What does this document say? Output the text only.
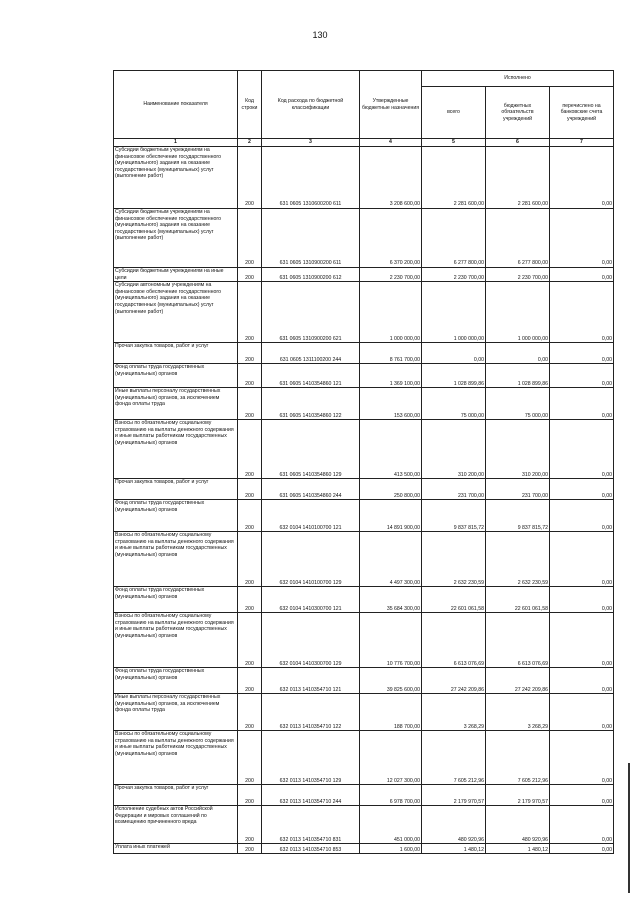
130
Наименование показателя	Код строки	Код расхода по бюджетной классификации	Утвержденные бюджетные назначения	Исполнено		
				всего	бюджетных обязательств учреждений	перечислено на банковские счета учреждений
1	2	3	4	5	6	7
Субсидии бюджетным учреждениям на финансовое обеспечение государственного (муниципального) задания на оказание государственных (муниципальных) услуг (выполнение работ)	200	631 0605 1310600200 611	3 208 600,00	2 281 600,00	2 281 600,00	0,00
Субсидии бюджетным учреждениям на финансовое обеспечение государственного (муниципального) задания на оказание государственных (муниципальных) услуг (выполнение работ)	200	631 0605 1310900200 611	6 370 200,00	6 277 800,00	6 277 800,00	0,00
Субсидии бюджетным учреждениям на иные цели	200	631 0605 1310900200 612	2 230 700,00	2 230 700,00	2 230 700,00	0,00
Субсидии автономным учреждениям на финансовое обеспечение государственного (муниципального) задания на оказание государственных (муниципальных) услуг (выполнение работ)	200	631 0605 1310900200 621	1 000 000,00	1 000 000,00	1 000 000,00	0,00
Прочая закупка товаров, работ и услуг	200	631 0605 1311100200 244	8 761 700,00	0,00	0,00	0,00
Фонд оплаты труда государственных (муниципальных) органов	200	631 0605 1410354860 121	1 369 100,00	1 028 899,86	1 028 899,86	0,00
Иные выплаты персоналу государственных (муниципальных) органов, за исключением фонда оплаты труда	200	631 0605 1410354860 122	153 600,00	75 000,00	75 000,00	0,00
Взносы по обязательному социальному страхованию на выплаты денежного содержания и иные выплаты работникам государственных (муниципальных) органов	200	631 0605 1410354860 129	413 500,00	310 200,00	310 200,00	0,00
Прочая закупка товаров, работ и услуг	200	631 0605 1410354860 244	250 800,00	231 700,00	231 700,00	0,00
Фонд оплаты труда государственных (муниципальных) органов	200	632 0104 1410100700 121	14 891 900,00	9 837 815,72	9 837 815,72	0,00
Взносы по обязательному социальному страхованию на выплаты денежного содержания и иные выплаты работникам государственных (муниципальных) органов	200	632 0104 1410100700 129	4 497 300,00	2 632 230,59	2 632 230,59	0,00
Фонд оплаты труда государственных (муниципальных) органов	200	632 0104 1410300700 121	35 684 300,00	22 601 061,58	22 601 061,58	0,00
Взносы по обязательному социальному страхованию на выплаты денежного содержания и иные выплаты работникам государственных (муниципальных) органов	200	632 0104 1410300700 129	10 776 700,00	6 613 076,69	6 613 076,69	0,00
Фонд оплаты труда государственных (муниципальных) органов	200	632 0113 1410354710 121	39 825 600,00	27 242 209,86	27 242 209,86	0,00
Иные выплаты персоналу государственных (муниципальных) органов, за исключением фонда оплаты труда	200	632 0113 1410354710 122	188 700,00	3 268,29	3 268,29	0,00
Взносы по обязательному социальному страхованию на выплаты денежного содержания и иные выплаты работникам государственных (муниципальных) органов	200	632 0113 1410354710 129	12 027 300,00	7 605 212,96	7 605 212,96	0,00
Прочая закупка товаров, работ и услуг	200	632 0113 1410354710 244	6 978 700,00	2 179 970,57	2 179 970,57	0,00
Исполнение судебных актов Российской Федерации и мировых соглашений по возмещению причиненного вреда	200	632 0113 1410354710 831	451 000,00	480 920,96	480 920,96	0,00
Уплата иных платежей	200	632 0113 1410354710 853	1 600,00	1 480,12	1 480,12	0,00
